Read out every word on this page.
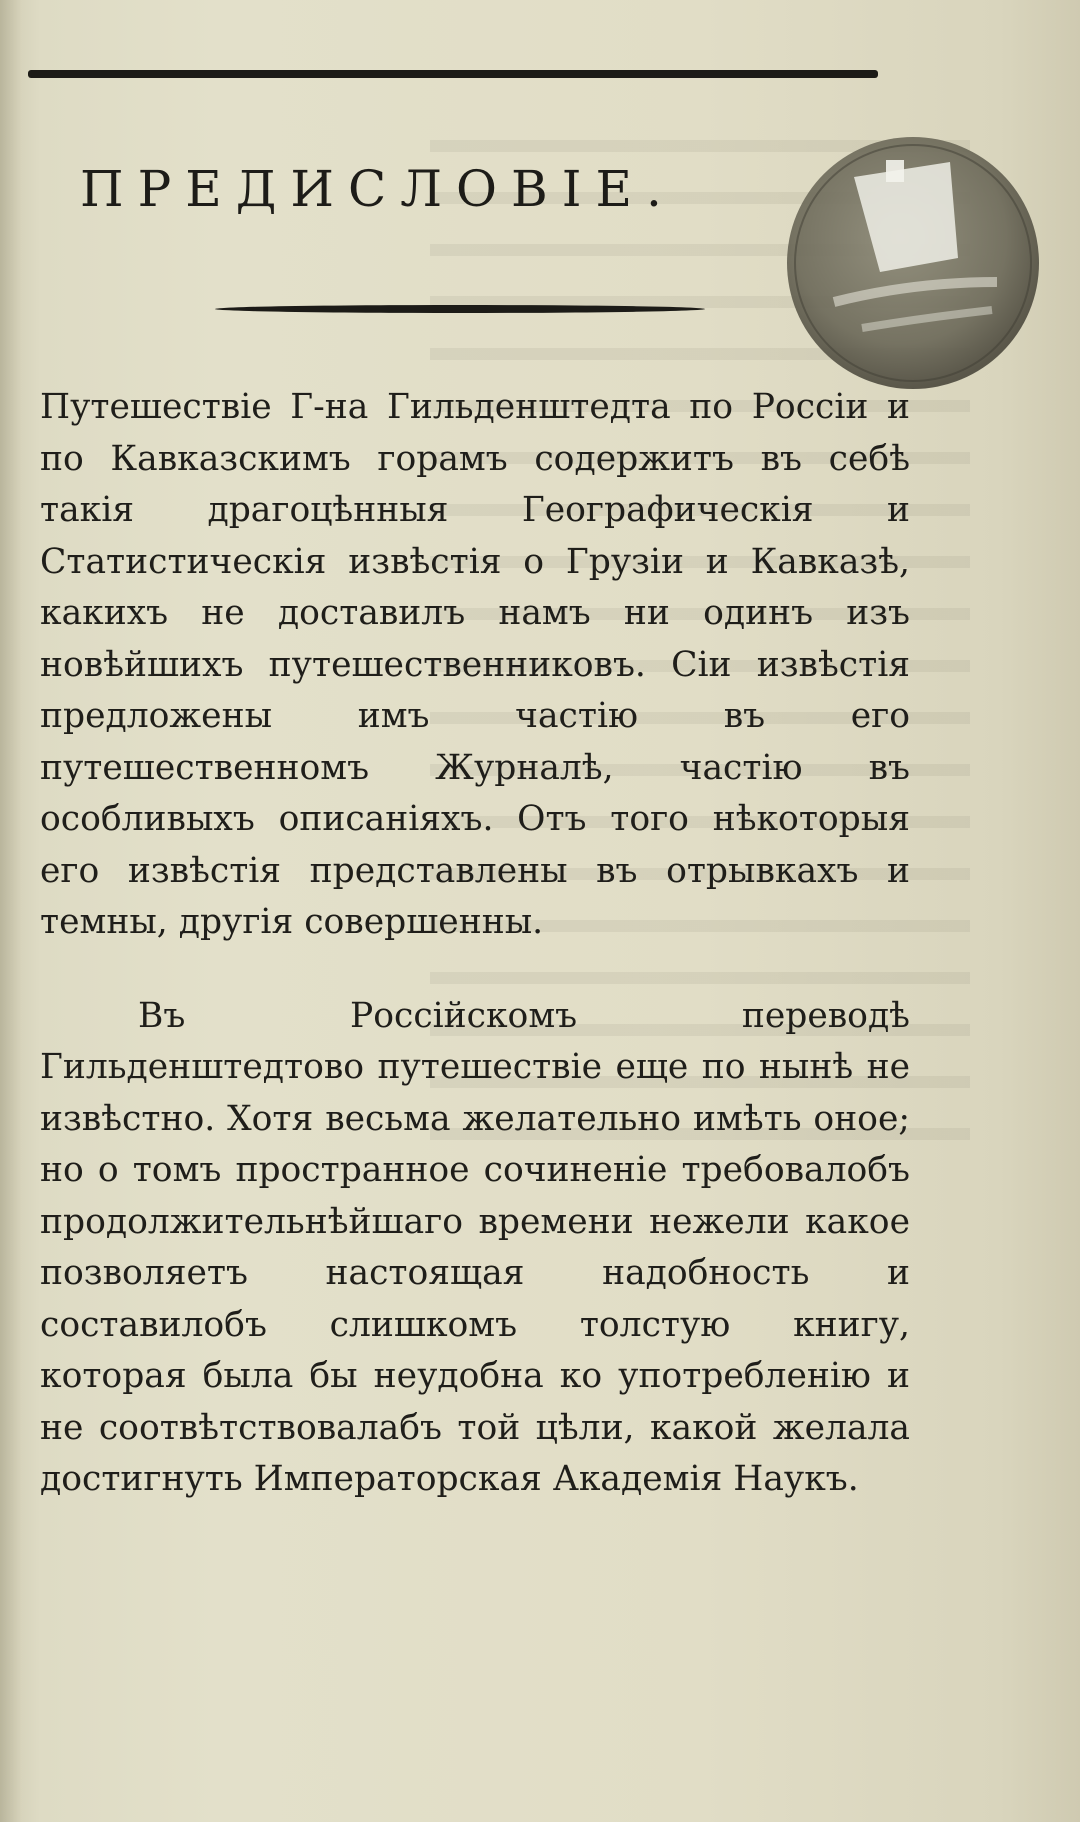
ПРЕДИСЛОВІЕ.

Путешествіе Г-на Гильденштедта по Россіи и по Кавказскимъ горамъ содержитъ въ себѣ такія драгоцѣнныя Географическія и Статистическія извѣстія о Грузіи и Кавказѣ, какихъ не доставилъ намъ ни одинъ изъ новѣйшихъ путешественниковъ. Сіи извѣстія предложены имъ частію въ его путешественномъ Журналѣ, частію въ особливыхъ описаніяхъ. Отъ того нѣкоторыя его извѣстія представлены въ отрывкахъ и темны, другія совершенны.

Въ Россійскомъ переводѣ Гильденштедтово путешествіе еще по нынѣ не извѣстно. Хотя весьма желательно имѣть оное; но о томъ пространное сочиненіе требовалобъ продолжительнѣйшаго времени нежели какое позволяетъ настоящая надобность и составилобъ слишкомъ толстую книгу, которая была бы неудобна ко употребленію и не соотвѣтствовалабъ той цѣли, какой желала достигнуть Императорская Академія Наукъ.
